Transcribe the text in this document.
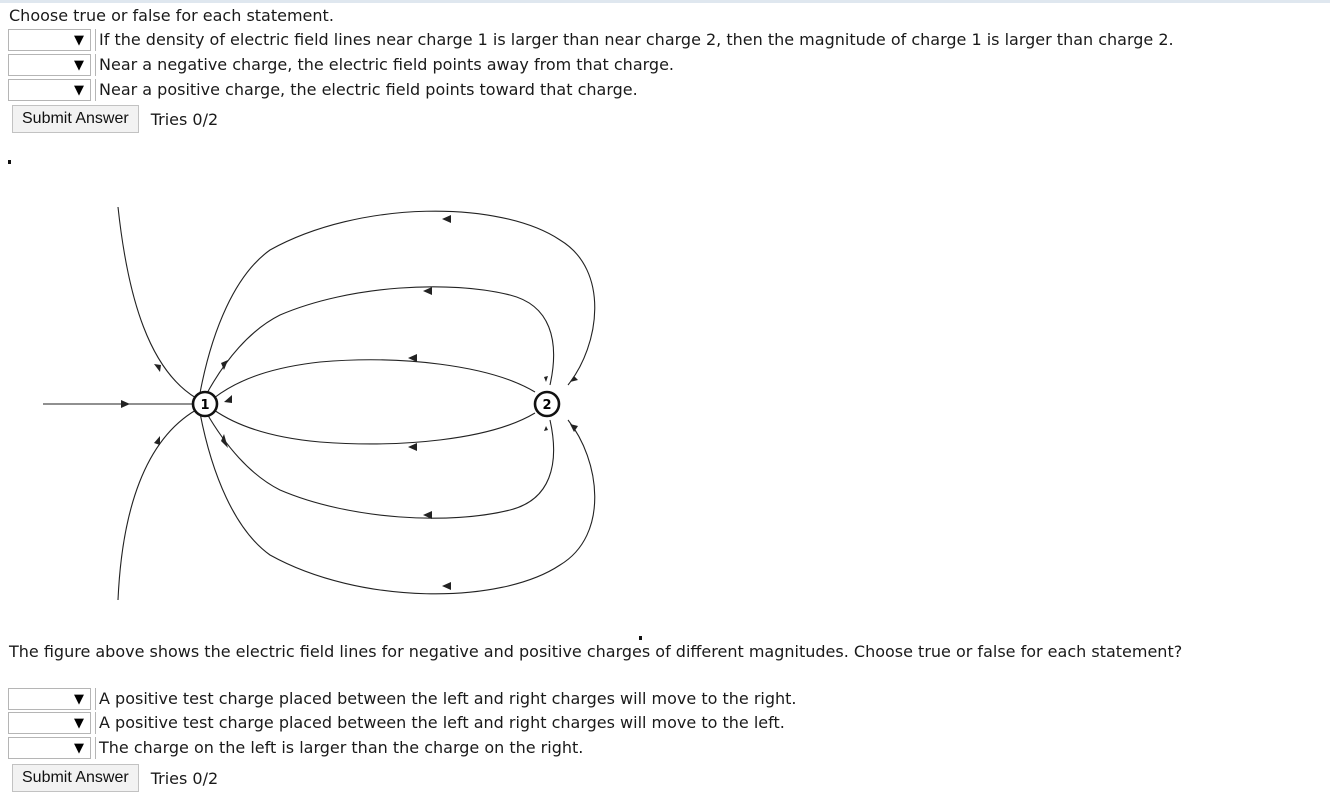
Choose true or false for each statement.
▼ If the density of electric field lines near charge 1 is larger than near charge 2, then the magnitude of charge 1 is larger than charge 2.
▼ Near a negative charge, the electric field points away from that charge.
▼ Near a positive charge, the electric field points toward that charge.
Submit Answer	Tries 0/2
1	2
The figure above shows the electric field lines for negative and positive charges of different magnitudes. Choose true or false for each statement?
▼ A positive test charge placed between the left and right charges will move to the right.
▼ A positive test charge placed between the left and right charges will move to the left.
▼ The charge on the left is larger than the charge on the right.
Submit Answer	Tries 0/2
